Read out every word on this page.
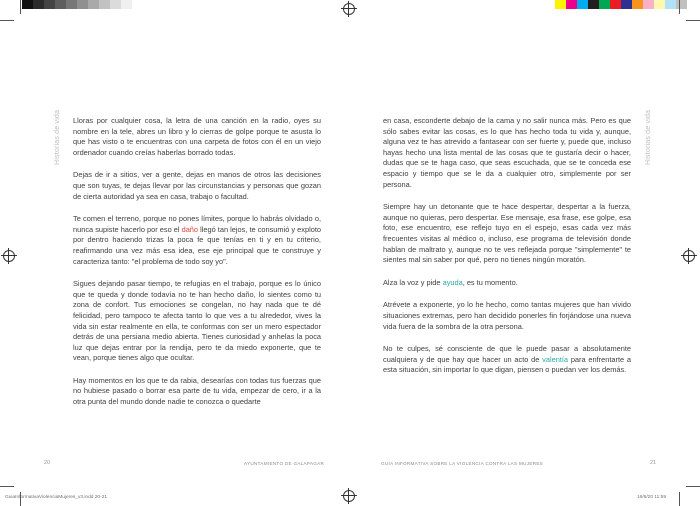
Historias de vida	Historias de vida

Lloras por cualquier cosa, la letra de una canción en la radio, oyes su nombre en la tele, abres un libro y lo cierras de golpe porque te asusta lo que has visto o te encuentras con una carpeta de fotos con él en un viejo ordenador cuando creías haberlas borrado todas.

Dejas de ir a sitios, ver a gente, dejas en manos de otros las decisiones que son tuyas, te dejas llevar por las circunstancias y personas que gozan de cierta autoridad ya sea en casa, trabajo o facultad.

Te comen el terreno, porque no pones límites, porque lo habrás olvidado o, nunca supiste hacerlo por eso el daño llegó tan lejos, te consumió y exploto por dentro haciendo trizas la poca fe que tenías en ti y en tu criterio, reafirmando una vez más esa idea, ese eje principal que te construye y caracteriza tanto: "el problema de todo soy yo".

Sigues dejando pasar tiempo, te refugias en el trabajo, porque es lo único que te queda y donde todavía no te han hecho daño, lo sientes como tu zona de confort. Tus emociones se congelan, no hay nada que te dé felicidad, pero tampoco te afecta tanto lo que ves a tu alrededor, vives la vida sin estar realmente en ella, te conformas con ser un mero espectador detrás de una persiana medio abierta. Tienes curiosidad y anhelas la poca luz que dejas entrar por la rendija, pero te da miedo exponerte, que te vean, porque tienes algo que ocultar.

Hay momentos en los que te da rabia, desearías con todas tus fuerzas que no hubiese pasado o borrar esa parte de tu vida, empezar de cero, ir a la otra punta del mundo donde nadie te conozca o quedarte

en casa, esconderte debajo de la cama y no salir nunca más. Pero es que sólo sabes evitar las cosas, es lo que has hecho toda tu vida y, aunque, alguna vez te has atrevido a fantasear con ser fuerte y, puede que, incluso hayas hecho una lista mental de las cosas que te gustaría decir o hacer, dudas que se te haga caso, que seas escuchada, que se te conceda ese espacio y tiempo que se le da a cualquier otro, simplemente por ser persona.

Siempre hay un detonante que te hace despertar, despertar a la fuerza, aunque no quieras, pero despertar. Ese mensaje, esa frase, ese golpe, esa foto, ese encuentro, ese reflejo tuyo en el espejo, esas cada vez más frecuentes visitas al médico o, incluso, ese programa de televisión donde hablan de maltrato y, aunque no te ves reflejada porque "simplemente" te sientes mal sin saber por qué, pero no tienes ningún moratón.

Alza la voz y pide ayuda, es tu momento.

Atrévete a exponerte, yo lo he hecho, como tantas mujeres que han vivido situaciones extremas, pero han decidido ponerles fin forjándose una nueva vida fuera de la sombra de la otra persona.

No te culpes, sé consciente de que le puede pasar a absolutamente cualquiera y de que hay que hacer un acto de valentía para enfrentarte a esta situación, sin importar lo que digan, piensen o puedan ver los demás.

20	AYUNTAMIENTO DE GALAPAGAR	GUÍA INFORMATIVA SOBRE LA VIOLENCIA CONTRA LAS MUJERES	21
GuiaInformativaViolenciaMujeres_v3.indd 20-21	16/6/20 11:59
